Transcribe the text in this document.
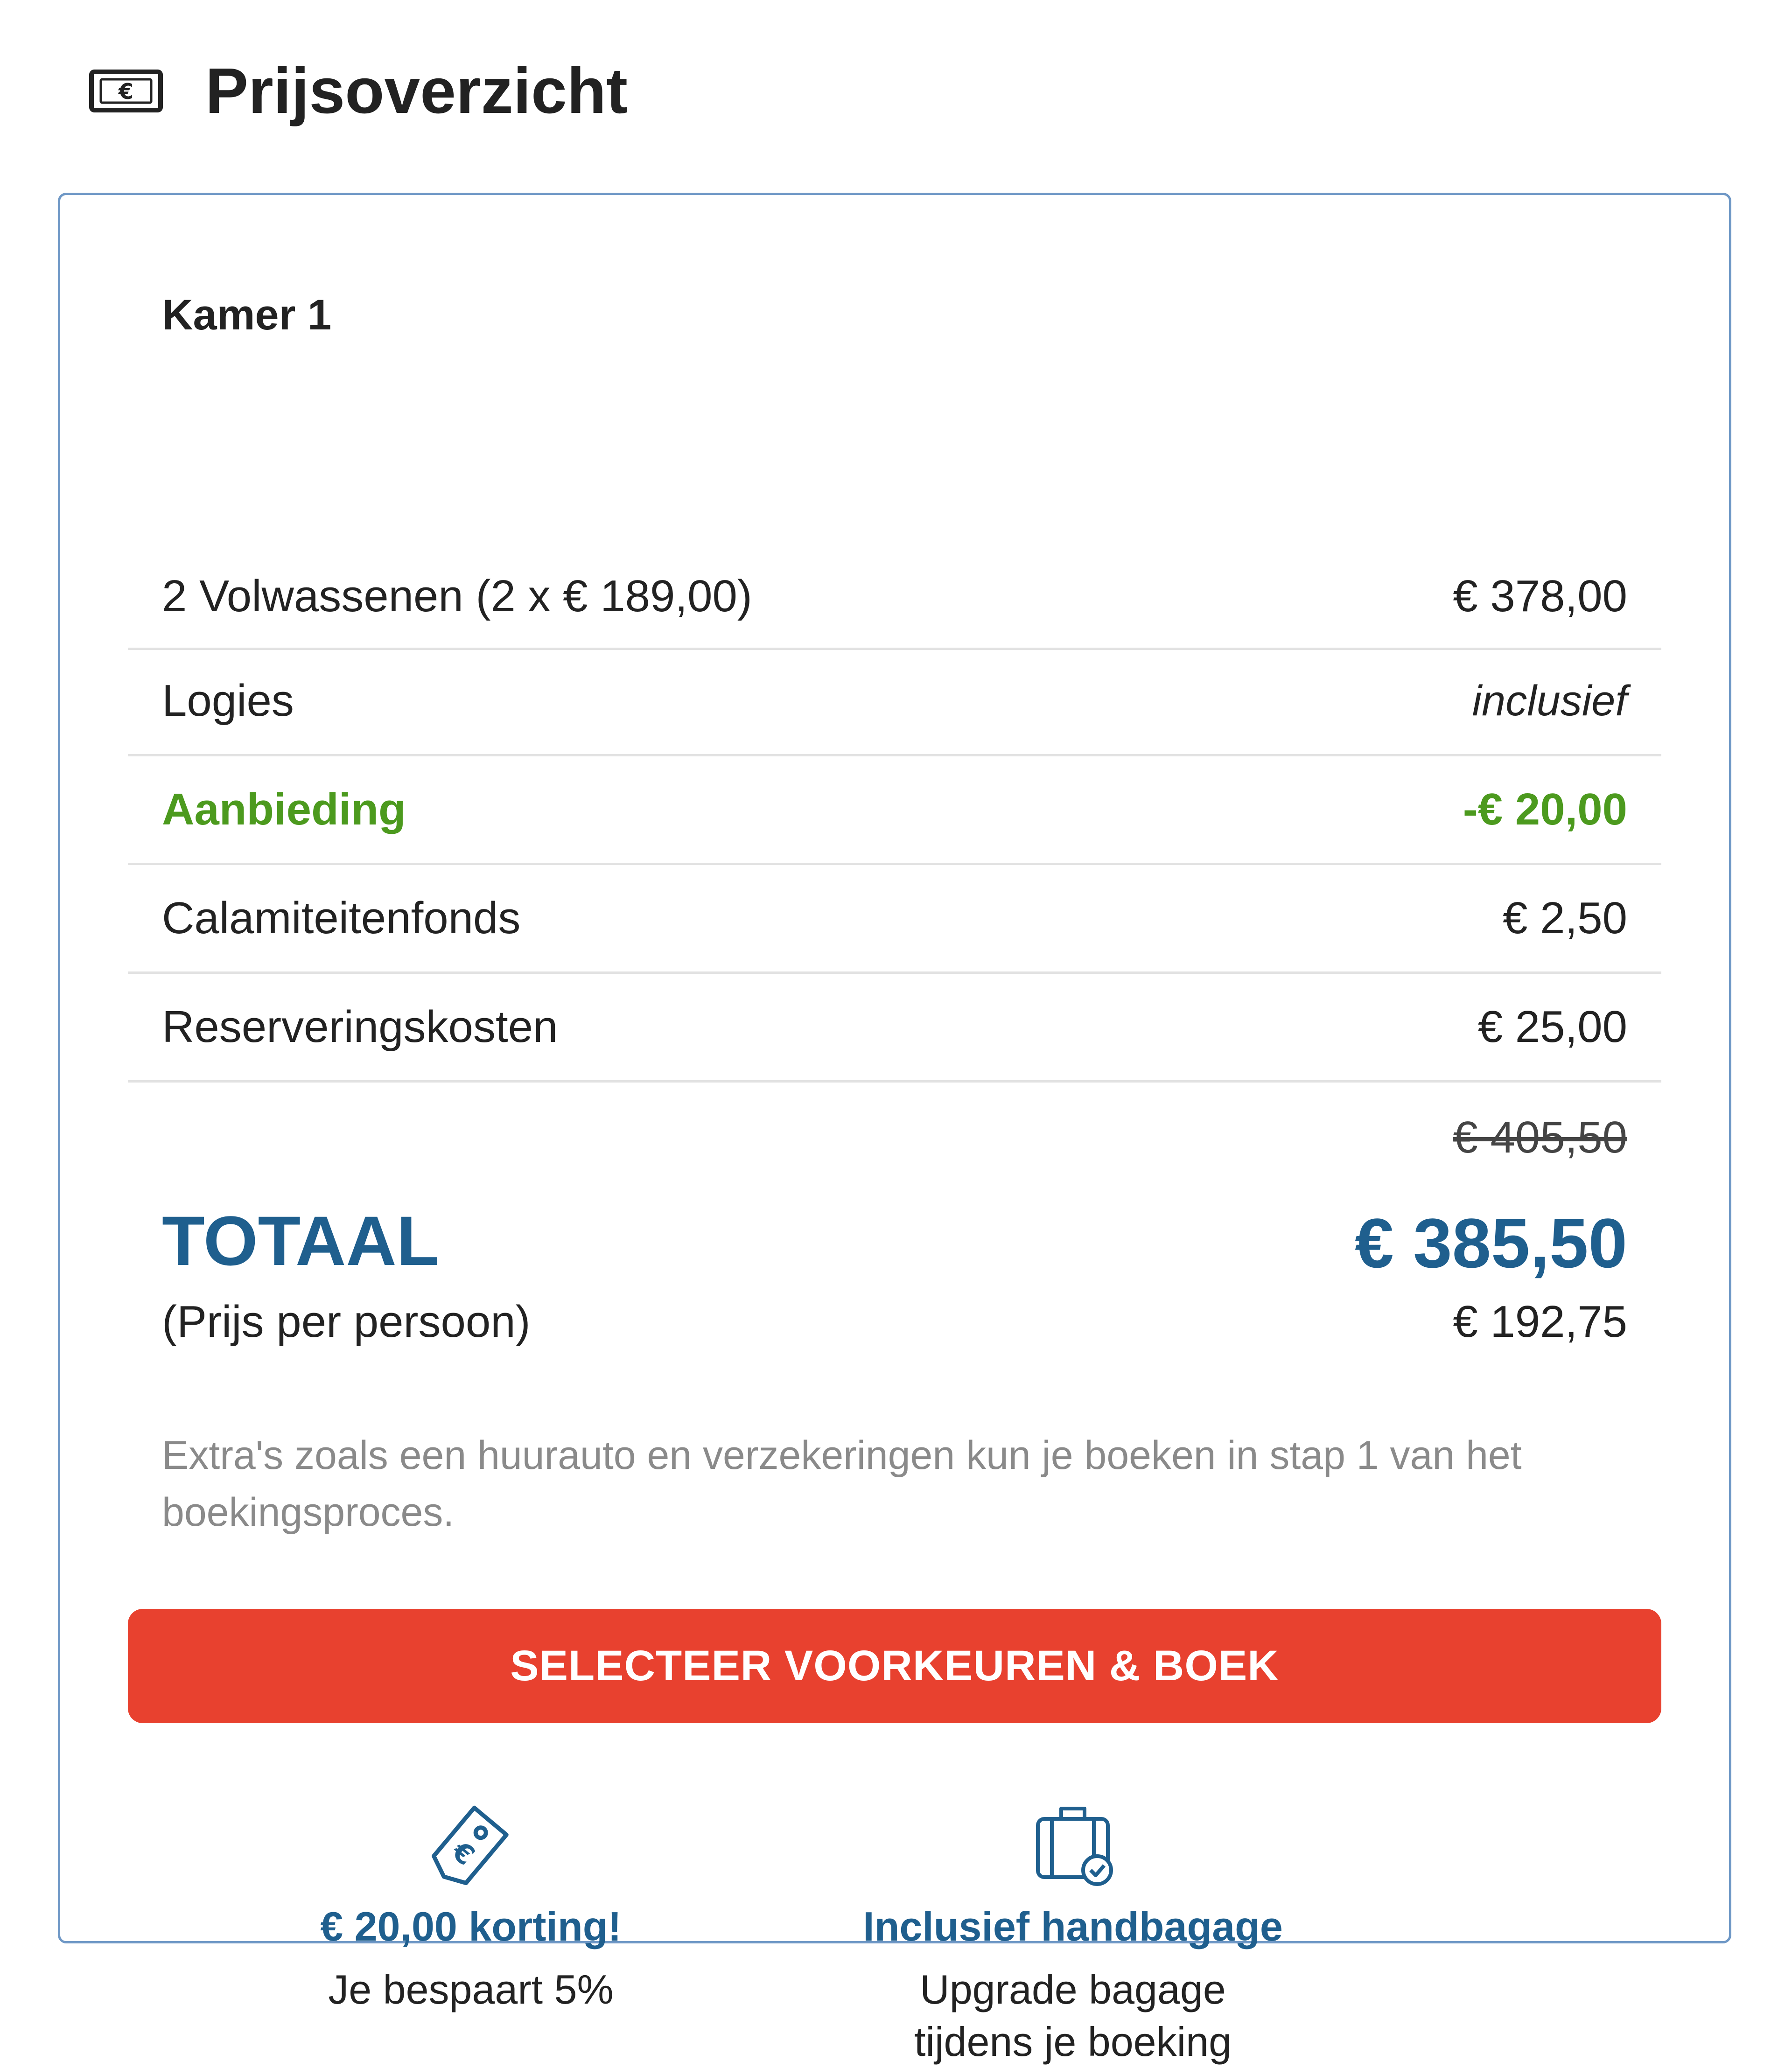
€ Prijsoverzicht
Kamer 1
2 Volwassenen (2 x € 189,00)	€ 378,00
Logies	inclusief
Aanbieding	-€ 20,00
Calamiteitenfonds	€ 2,50
Reserveringskosten	€ 25,00
€ 405,50
TOTAAL	€ 385,50
(Prijs per persoon)	€ 192,75
Extra's zoals een huurauto en verzekeringen kun je boeken in stap 1 van het boekingsproces.
SELECTEER VOORKEUREN & BOEK
€
€ 20,00 korting!
Je bespaart 5%
Inclusief handbagage
Upgrade bagage
tijdens je boeking
